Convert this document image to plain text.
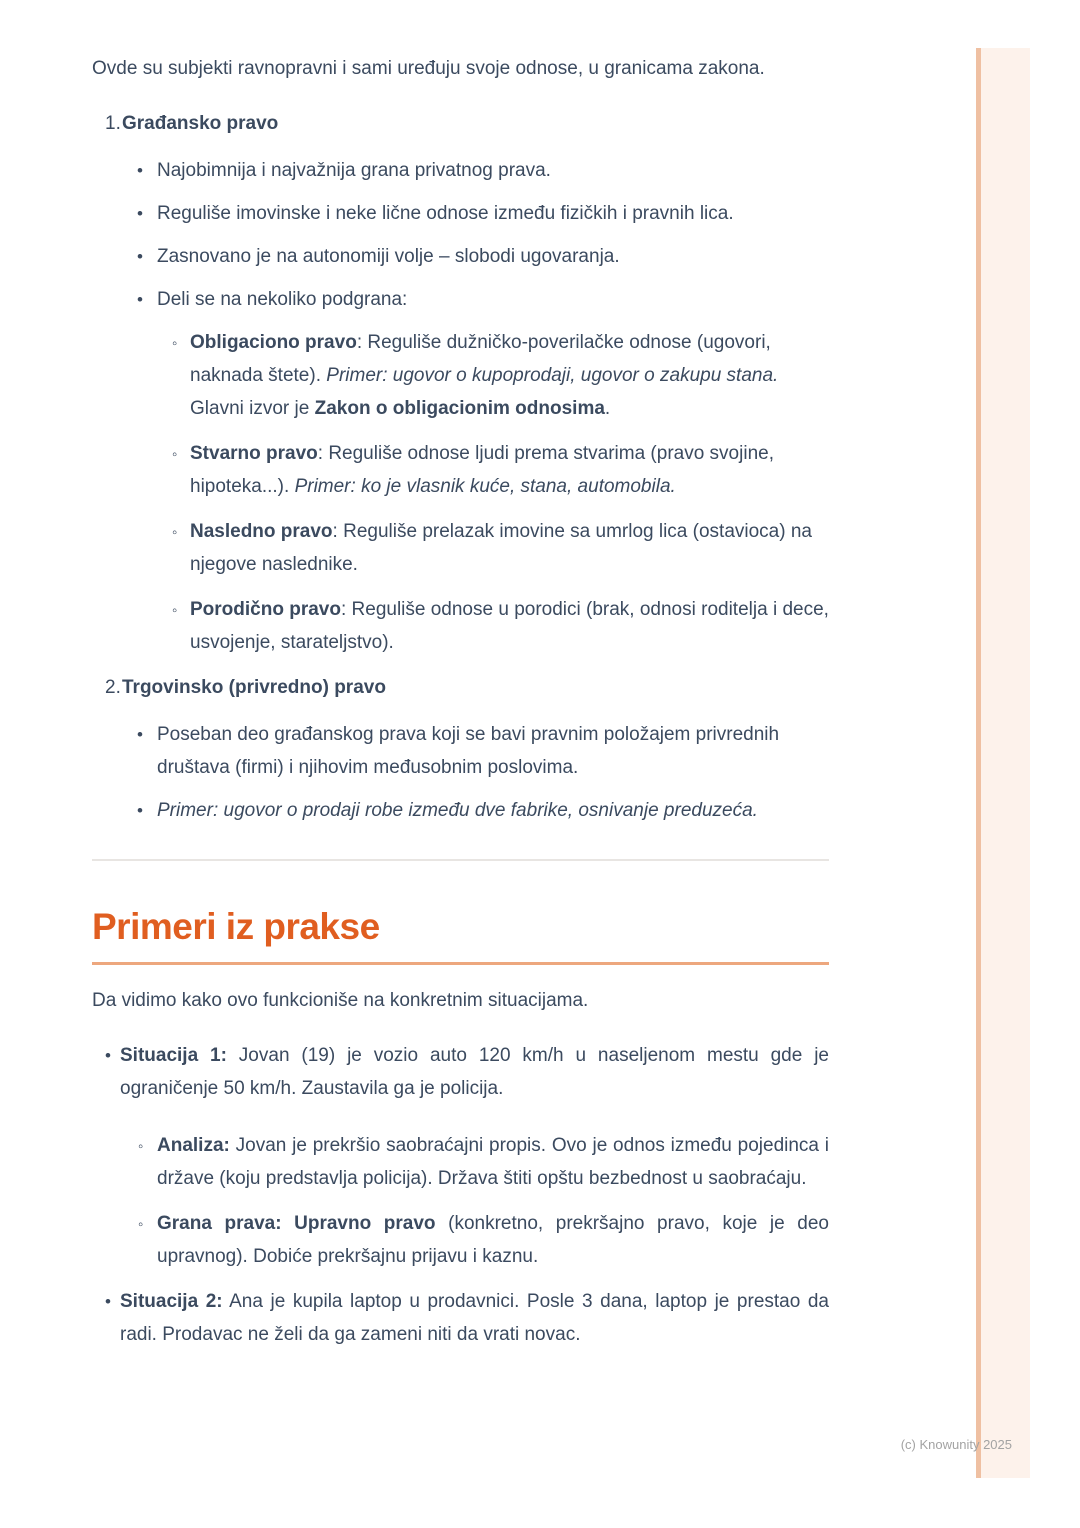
Ovde su subjekti ravnopravni i sami uređuju svoje odnose, u granicama zakona.

1. Građansko pravo
•
Najobimnija i najvažnija grana privatnog prava.
•
Reguliše imovinske i neke lične odnose između fizičkih i pravnih lica.
•
Zasnovano je na autonomiji volje – slobodi ugovaranja.
•
Deli se na nekoliko podgrana:
◦
Obligaciono pravo: Reguliše dužničko-poverilačke odnose (ugovori, naknada štete). Primer: ugovor o kupoprodaji, ugovor o zakupu stana. Glavni izvor je Zakon o obligacionim odnosima.
◦
Stvarno pravo: Reguliše odnose ljudi prema stvarima (pravo svojine, hipoteka...). Primer: ko je vlasnik kuće, stana, automobila.
◦
Nasledno pravo: Reguliše prelazak imovine sa umrlog lica (ostavioca) na njegove naslednike.
◦
Porodično pravo: Reguliše odnose u porodici (brak, odnosi roditelja i dece, usvojenje, starateljstvo).
2. Trgovinsko (privredno) pravo
•
Poseban deo građanskog prava koji se bavi pravnim položajem privrednih društava (firmi) i njihovim međusobnim poslovima.
•
Primer: ugovor o prodaji robe između dve fabrike, osnivanje preduzeća.
Primeri iz prakse

Da vidimo kako ovo funkcioniše na konkretnim situacijama.

•
Situacija 1: Jovan (19) je vozio auto 120 km/h u naseljenom mestu gde je ograničenje 50 km/h. Zaustavila ga je policija.
◦
Analiza: Jovan je prekršio saobraćajni propis. Ovo je odnos između pojedinca i države (koju predstavlja policija). Država štiti opštu bezbednost u saobraćaju.
◦
Grana prava: Upravno pravo (konkretno, prekršajno pravo, koje je deo upravnog). Dobiće prekršajnu prijavu i kaznu.
•
Situacija 2: Ana je kupila laptop u prodavnici. Posle 3 dana, laptop je prestao da radi. Prodavac ne želi da ga zameni niti da vrati novac.
(c) Knowunity 2025
